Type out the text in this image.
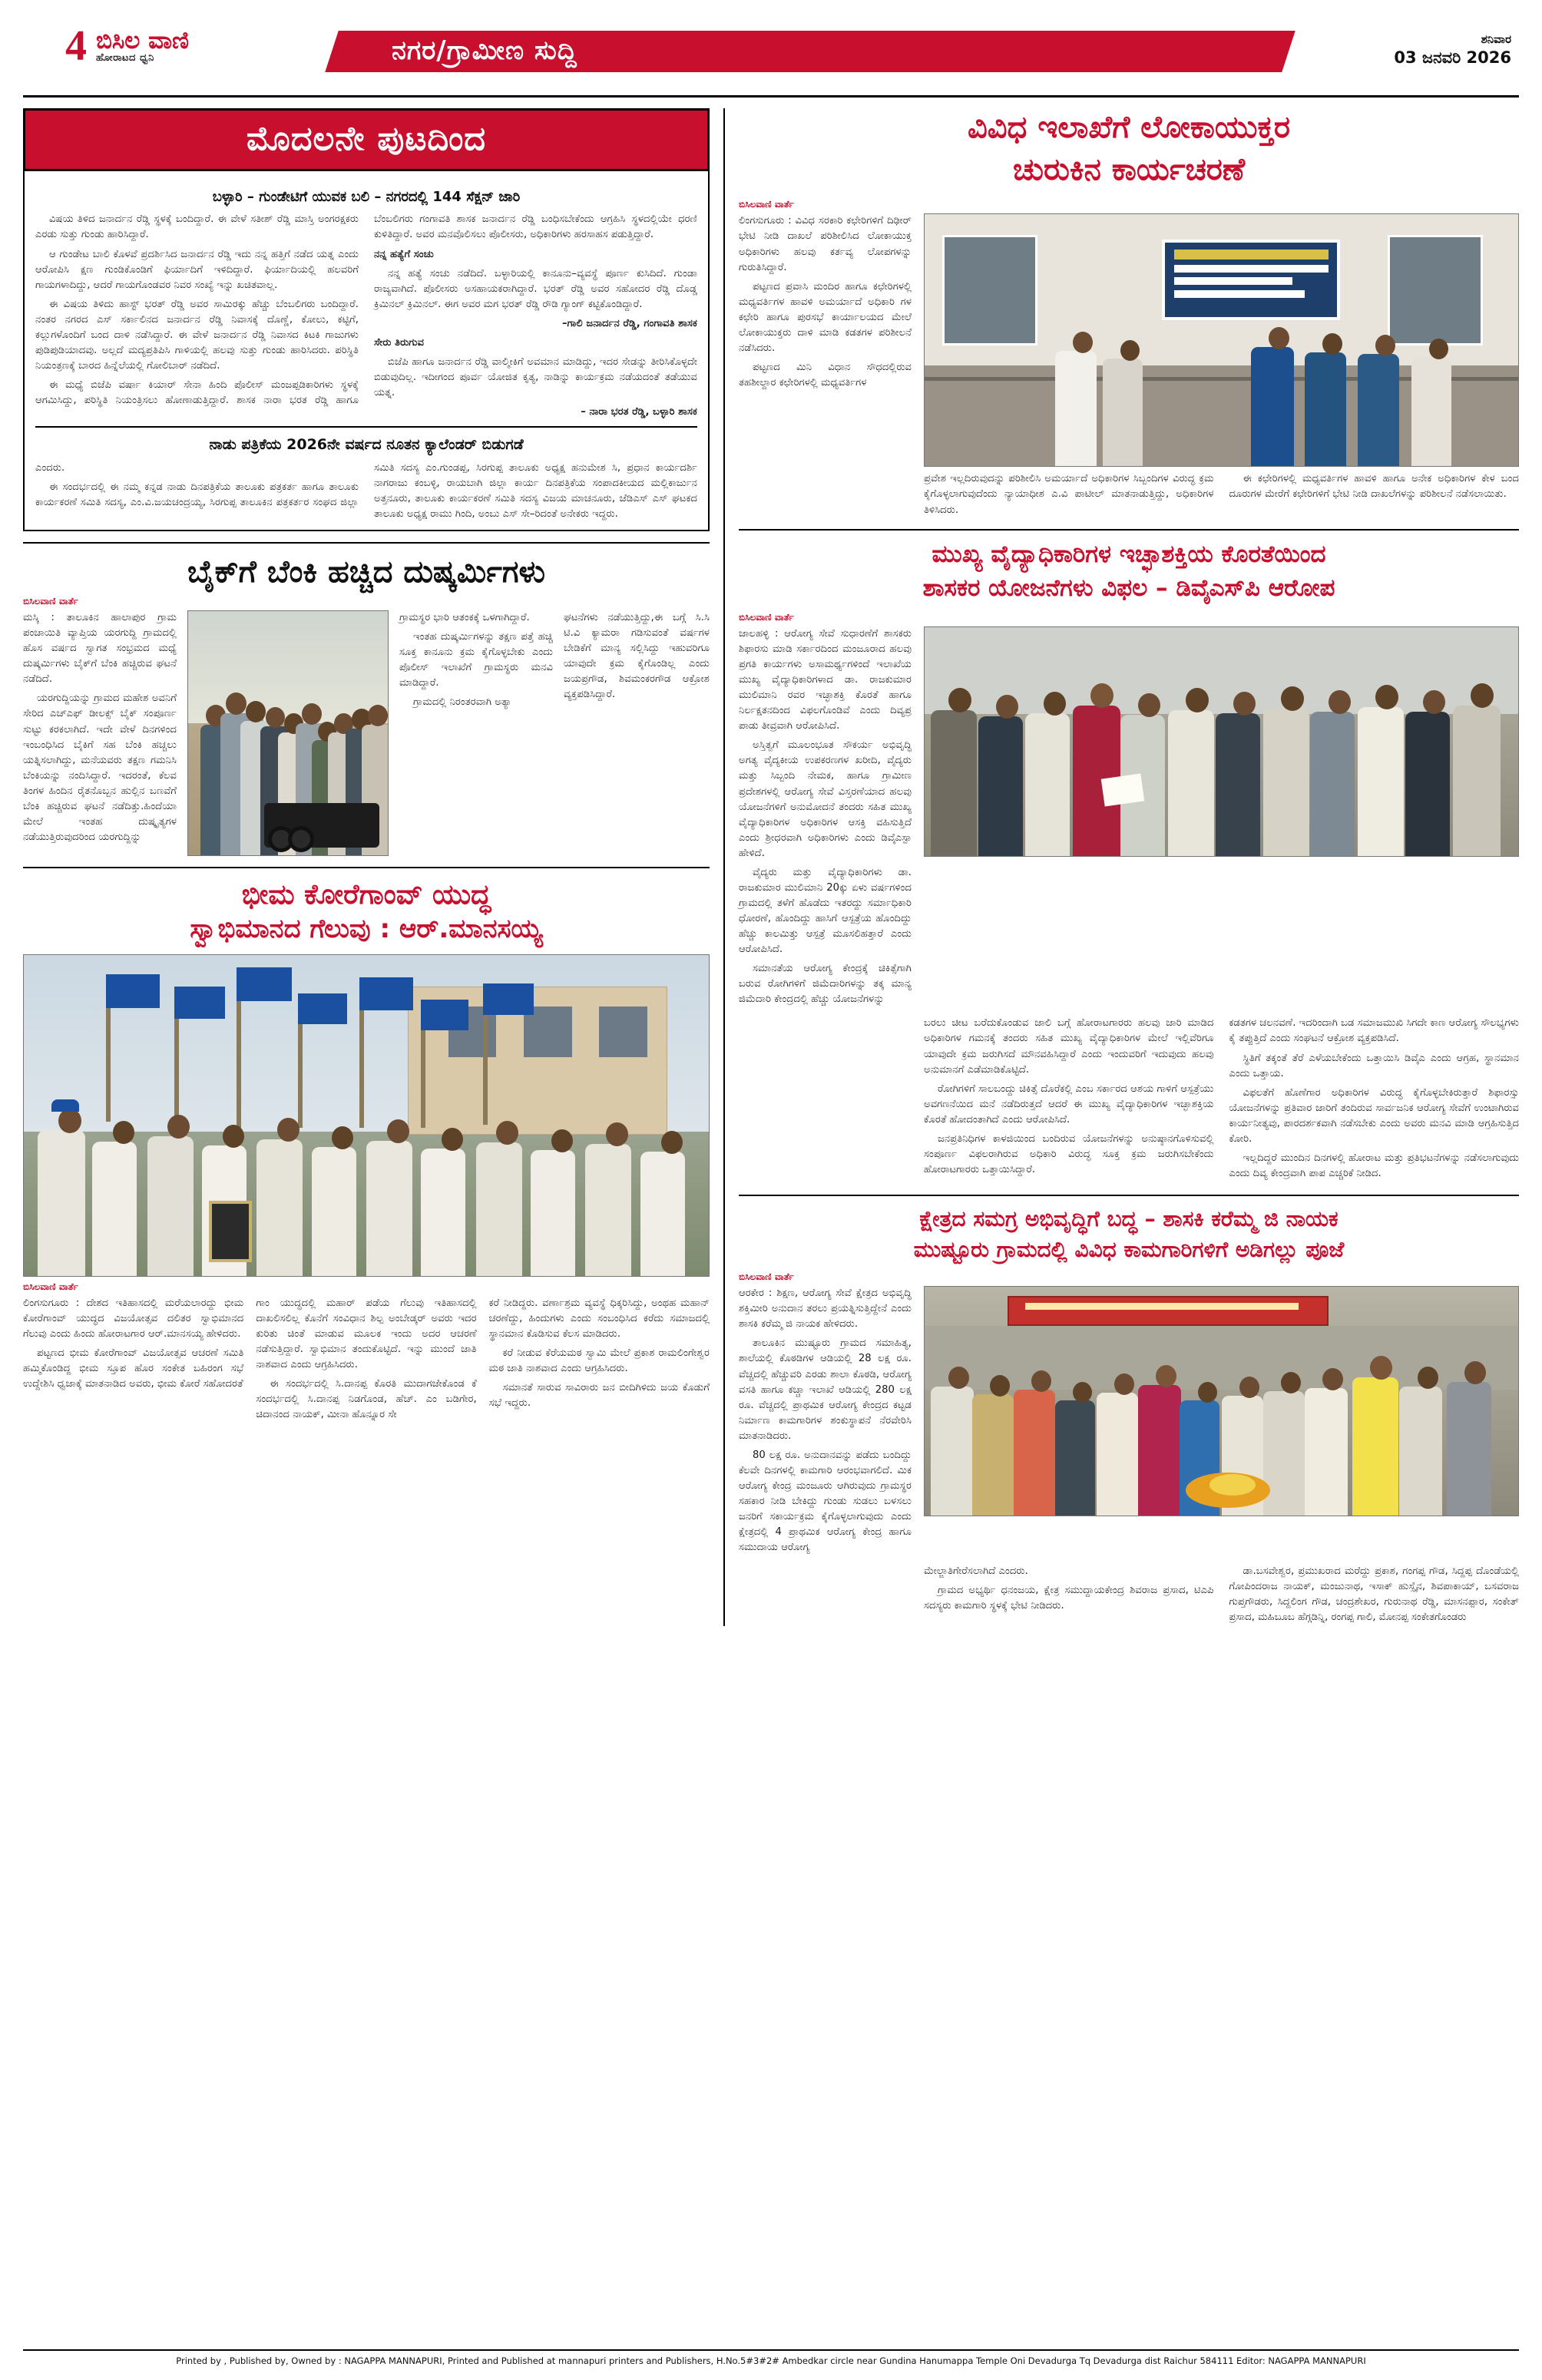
4 ಬಿಸಿಲ ವಾಣಿ
ಹೋರಾಟದ ಧ್ವನಿ	ನಗರ/ಗ್ರಾಮೀಣ ಸುದ್ದಿ	ಶನಿವಾರ
03 ಜನವರಿ 2026
ಮೊದಲನೇ ಪುಟದಿಂದ
ಬಳ್ಳಾರಿ – ಗುಂಡೇಟಿಗೆ ಯುವಕ ಬಲಿ – ನಗರದಲ್ಲಿ 144 ಸೆಕ್ಷನ್ ಜಾರಿ

ವಿಷಯ ತಿಳಿದ ಜನಾರ್ದನ ರೆಡ್ಡಿ ಸ್ಥಳಕ್ಕೆ ಬಂದಿದ್ದಾರೆ. ಈ ವೇಳೆ ಸತೀಶ್ ರೆಡ್ಡಿ ಮಾಸ್ತಿ ಅಂಗರಕ್ಷಕರು ಎರಡು ಸುತ್ತು ಗುಂಡು ಹಾರಿಸಿದ್ದಾರೆ.

ಆ ಗುಂಡೇಟ ಬಾಲಿ ಕೊಳವೆ ಪ್ರದರ್ಶಿಸಿದ ಜನಾರ್ದನ ರೆಡ್ಡಿ ಇದು ನನ್ನ ಹತ್ತಿಗೆ ನಡೆದ ಯತ್ನ ಎಂದು ಆರೋಪಿಸಿ ಕ್ಷಣ ಗುಂಡಿಕೊಂಡಿಗೆ ಫಿರ್ಯಾದಿಗೆ ಇಳಿದಿದ್ದಾರೆ. ಫಿರ್ಯಾದಿಯಲ್ಲಿ ಹಲವರಿಗೆ ಗಾಯಗಳಾದಿದ್ದು, ಆದರೆ ಗಾಯಗೊಂಡವರ ನಿವರ ಸಂಖ್ಯೆ ಇನ್ನು ಖಚಿತವಾಲ್ಲ.

ಈ ವಿಷಯ ತಿಳಿದು ಹಾಸ್ಟ್ ಭರತ್ ರೆಡ್ಡಿ ಅವರ ಸಾಮಿರಕ್ಕು ಹೆಚ್ಚು ಬೆಂಬಲಿಗರು ಬಂದಿದ್ದಾರೆ. ನಂತರ ನಗರದ ಎಸ್ ಸರ್ಕಾಲಿನದ ಜನಾರ್ದನ ರೆಡ್ಡಿ ನಿವಾಸಕ್ಕೆ ದೊಣ್ಣೆ, ಕೋಲು, ಕಟ್ಟಿಗೆ, ಕಲ್ಲುಗಳೊಂದಿಗೆ ಬಂದ ದಾಳಿ ನಡೆಸಿದ್ದಾರೆ. ಈ ವೇಳೆ ಜನಾರ್ದನ ರೆಡ್ಡಿ ನಿವಾಸದ ಕಿಟಕಿ ಗಾಜುಗಳು ಪುಡಿಪುಡಿಯಾದವು. ಅಲ್ಲದೆ ಮದ್ಯಪ್ರತಿಪಿಸಿ ಗಾಳಿಯಲ್ಲಿ ಹಲವು ಸುತ್ತು ಗುಂಡು ಹಾರಿಸಿದರು. ಪರಿಸ್ಥಿತಿ ನಿಯಂತ್ರಣಕ್ಕೆ ಬಾರದ ಹಿನ್ನೆಲೆಯಲ್ಲಿ ಗೋಲಿಬಾರ್ ನಡೆದಿದೆ.

ಈ ಮಧ್ಯೆ ಬಿಜೆಪಿ ವರ್ಷಾ ಕಿಯಾರ್ ಸೇನಾ ಹಿಂದಿ ಪೊಲೀಸ್ ಮಂಜಪ್ಪಡಿಕಾರಿಗಳು ಸ್ಥಳಕ್ಕೆ ಆಗಮಿಸಿದ್ದು, ಪರಿಸ್ಥಿತಿ ನಿಯಂತ್ರಿಸಲು ಹೋಣಾಡುತ್ತಿದ್ದಾರೆ. ಶಾಸಕ ನಾರಾ ಭರತ ರೆಡ್ಡಿ ಹಾಗೂ ಬೆಂಬಲಿಗರು ಗಂಗಾವತಿ ಶಾಸಕ ಜನಾರ್ದನ ರೆಡ್ಡಿ ಬಂಧಿಸಬೇಕೆಂದು ಆಗ್ರಹಿಸಿ ಸ್ಥಳದಲ್ಲಿಯೇ ಧರಣಿ ಕುಳಿತಿದ್ದಾರೆ. ಅವರ ಮನವೊಲಿಸಲು ಪೊಲೀಸರು, ಅಧಿಕಾರಿಗಳು ಹರಸಾಹಸ ಪಡುತ್ತಿದ್ದಾರೆ.

ನನ್ನ ಹತ್ಯೆಗೆ ಸಂಚು

ನನ್ನ ಹತ್ಯೆ ಸಂಚು ನಡೆದಿದೆ. ಬಳ್ಳಾರಿಯಲ್ಲಿ ಕಾನೂನು–ವ್ಯವಸ್ಥೆ ಪೂರ್ಣ ಕುಸಿದಿದೆ. ಗುಂಡಾ ರಾಜ್ಯವಾಗಿದೆ. ಪೊಲೀಸರು ಅಸಹಾಯಕರಾಗಿದ್ದಾರೆ. ಭರತ್ ರೆಡ್ಡಿ ಅವರ ಸಹೋದರ ರೆಡ್ಡಿ ದೊಡ್ಡ ಕ್ರಿಮಿನಲ್ ಕ್ರಿಮಿನಲ್. ಈಗ ಅವರ ಮಗ ಭರತ್ ರೆಡ್ಡಿ ರೌಡಿ ಗ್ಯಾಂಗ್ ಕಟ್ಟಿಕೊಂಡಿದ್ದಾರೆ.

–ಗಾಲಿ ಜನಾರ್ದನ ರೆಡ್ಡಿ, ಗಂಗಾವತಿ ಶಾಸಕ

ಸೇರು ತಿರುಗುವ

ಬಿಜೆಪಿ ಹಾಗೂ ಜನಾರ್ದನ ರೆಡ್ಡಿ ವಾಲ್ಮೀಕಿಗೆ ಅವಮಾನ ಮಾಡಿದ್ದು, ಇದರ ಸೇಡನ್ನು ತೀರಿಸಿಕೊಳ್ಳದೇ ಬಿಡುವುದಿಲ್ಲ. ಇದೀಗಂದ ಪೂರ್ವ ಯೋಜಿತ ಕೃತ್ಯ, ನಾಡಿನ್ನು ಕಾರ್ಯಕ್ರಮ ನಡೆಯದಂತೆ ತಡೆಯುವ ಯತ್ನ.

– ನಾರಾ ಭರತ ರೆಡ್ಡಿ, ಬಳ್ಳಾರಿ ಶಾಸಕ

ನಾಡು ಪತ್ರಿಕೆಯ 2026ನೇ ವರ್ಷದ ನೂತನ ಕ್ಯಾಲೆಂಡರ್ ಬಿಡುಗಡೆ

ಎಂದರು.

ಈ ಸಂದರ್ಭದಲ್ಲಿ ಈ ನಮ್ಮ ಕನ್ನಡ ನಾಡು ದಿನಪತ್ರಿಕೆಯ ತಾಲೂಕು ಪತ್ರಕರ್ತ ಹಾಗೂ ತಾಲೂಕು ಕಾರ್ಯಕರಣೆ ಸಮಿತಿ ಸದಸ್ಯ, ಎಂ.ವಿ.ಜಯಚಂದ್ರಯ್ಯ, ಸಿರಗುಪ್ಪ ತಾಲೂಕಿನ ಪತ್ರಕರ್ತರ ಸಂಘದ ಜಿಲ್ಲಾ ಸಮಿತಿ ಸದಸ್ಯ ಎಂ.ಗುಂಡಪ್ಪ, ಸಿರಗುಪ್ಪ ತಾಲೂಕು ಅಧ್ಯಕ್ಷ ಹನುಮೇಶ ಸಿ, ಪ್ರಧಾನ ಕಾರ್ಯದರ್ಶಿ ನಾಗರಾಜು ಕಂಬಳ್ಳಿ, ರಾಯಬಾಗಿ ಜಿಲ್ಲಾ ಕಾರ್ಯ ದಿನಪತ್ರಿಕೆಯ ಸಂಪಾದಕೀಯದ ಮಲ್ಲಿಕಾರ್ಜುನ ಅತ್ತನೂರು, ತಾಲೂಕು ಕಾರ್ಯಕರಣೆ ಸಮಿತಿ ಸದಸ್ಯ ವಿಜಯ ಮಾಚನೂರು, ಜೆಡಿಎಸ್ ಎಸ್ ಘಟಕದ ತಾಲೂಕು ಅಧ್ಯಕ್ಷ ರಾಮು ಗಿಂದಿ, ಅಂಬು ಎಸ್ ಸೇ–ರಿದಂತೆ ಅನೇಕರು ಇದ್ದರು.

ಬೈಕ್‌ಗೆ ಬೆಂಕಿ ಹಚ್ಚಿದ ದುಷ್ಕರ್ಮಿಗಳು
ಬಿಸಿಲವಾಣಿ ವಾರ್ತೆ

ಮಸ್ಕಿ : ತಾಲೂಕಿನ ಹಾಲಾಪುರ ಗ್ರಾಮ ಪಂಚಾಯಿತಿ ವ್ಯಾಪ್ತಿಯ ಯರಗುದ್ದಿ ಗ್ರಾಮದಲ್ಲಿ ಹೊಸ ವರ್ಷದ ಸ್ವಾಗತ ಸಂಭ್ರಮದ ಮಧ್ಯೆ ದುಷ್ಕರ್ಮಿಗಳು ಬೈಕ್‌ಗೆ ಬೆಂಕಿ ಹಚ್ಚಿರುವ ಘಟನೆ ನಡೆದಿದೆ.

ಯರಗುದ್ದಿಯನ್ನು ಗ್ರಾಮದ ಮಹೇಶ ಅವನಿಗೆ ಸೇರಿದ ಎಚ್ಎಫ್ ಡೀಲಕ್ಸ್ ಬೈಕ್ ಸಂಪೂರ್ಣ ಸುಟ್ಟು ಕರಕಲಾಗಿದೆ. ಇದೇ ವೇಳೆ ದಿನಗಳಿಂದ ಇಂಬಂಧಿಸಿದ ಬೈಕಿಗೆ ಸಹ ಬೆಂಕಿ ಹಚ್ಚಲು ಯತ್ನಿಸಲಾಗಿದ್ದು, ಮನೆಯವರು ತಕ್ಷಣ ಗಮನಿಸಿ ಬೆಂಕಿಯನ್ನು ನಂದಿಸಿದ್ದಾರೆ. ಇದರಂತೆ, ಕೆಲವ ತಿಂಗಳ ಹಿಂದಿನ ರೈತನೊಬ್ಬನ ಹುಲ್ಲಿನ ಬಣವೆಗೆ ಬೆಂಕಿ ಹಚ್ಚಿರುವ ಘಟನೆ ನಡೆದಿತ್ತು.ಹಿಂದೆಯಾ ಮೇಲೆ ಇಂತಹ ದುಷ್ಕೃತ್ಯಗಳ ನಡೆಯುತ್ತಿರುವುದರಿಂದ ಯರಗುದ್ದಿನ್ನು

ಗ್ರಾಮಸ್ಥರ ಭಾರಿ ಆತಂಕಕ್ಕೆ ಒಳಗಾಗಿದ್ದಾರೆ.

ಇಂತಹ ದುಷ್ಕರ್ಮಿಗಳನ್ನು ತಕ್ಷಣ ಪತ್ತೆ ಹಚ್ಚಿ ಸೂಕ್ತ ಕಾನೂನು ಕ್ರಮ ಕೈಗೊಳ್ಳಬೇಕು ಎಂದು ಪೊಲೀಸ್ ಇಲಾಖೆಗೆ ಗ್ರಾಮಸ್ಥರು ಮನವಿ ಮಾಡಿದ್ದಾರೆ.

ಗ್ರಾಮದಲ್ಲಿ ನಿರಂತರವಾಗಿ ಅತ್ಯಾ

ಘಟನೆಗಳು ನಡೆಯುತ್ತಿದ್ದು,ಈ ಬಗ್ಗೆ ಸಿ.ಸಿ ಟಿ.ವಿ ಕ್ಯಾಮರಾ ಗಡಿಸುವಂತೆ ವರ್ಷಗಳ ಬೇಡಿಕೆಗೆ ಮಾನ್ಯ ಸಲ್ಲಿಸಿದ್ದು ಇಹುವರಿಗೂ ಯಾವುದೇ ಕ್ರಮ ಕೈಗೊಂಡಿಲ್ಲ ಎಂದು ಜಯಪ್ರಗೌಡ, ಶಿವಮಂಕರಗೌಡ ಆಕ್ರೋಶ ವ್ಯಕ್ತಪಡಿಸಿದ್ದಾರೆ.

ಭೀಮ ಕೋರೆಗಾಂವ್ ಯುದ್ಧ
ಸ್ವಾಭಿಮಾನದ ಗೆಲುವು : ಆರ್.ಮಾನಸಯ್ಯ
ಬಿಸಿಲವಾಣಿ ವಾರ್ತೆ

ಲಿಂಗಸುಗೂರು : ದೇಶದ ಇತಿಹಾಸದಲ್ಲಿ ಮರೆಯಲಾರದ್ದು ಭೀಮ ಕೋರೆಗಾಂವ್ ಯುದ್ಧದ ವಿಜಯೋತ್ಸವ ದಲಿತರ ಸ್ವಾಭಿಮಾನದ ಗೆಲುವು ಎಂದು ಹಿಂದು ಹೋರಾಟಗಾರ ಆರ್.ಮಾನಸಯ್ಯ ಹೇಳಿದರು.

ಪಟ್ಟಣದ ಭೀಮ ಕೋರೆಗಾಂವ್ ವಿಜಯೋತ್ಸವ ಆಚರಣೆ ಸಮಿತಿ ಹಮ್ಮಿಕೊಂಡಿದ್ದ ಭೀಮ ಸ್ತೂಪ ಹೊರ ಸಂಕೇತ ಬಹಿರಂಗ ಸಭೆ ಉದ್ದೇಶಿಸಿ ಧ್ವಜಾಕ್ಕೆ ಮಾತನಾಡಿದ ಅವರು, ಭೀಮ ಕೋರೆ ಸಹೋದರತೆ

ಗಾಂ ಯುದ್ಧದಲ್ಲಿ ಮಹಾರ್ ಪಡೆಯ ಗೆಲುವು ಇತಿಹಾಸದಲ್ಲಿ ದಾಖಲಿಸಲಿಲ್ಲ ಕೊನೆಗೆ ಸಂವಿಧಾನ ಶಿಲ್ಪ ಅಂಬೇಡ್ಕರ್ ಅವರು ಇದರ ಕುರಿತು ಚಿಂತೆ ಮಾಡುವ ಮೂಲಕ ಇಂದು ಅದರ ಆಚರಣೆ ನಡೆಸುತ್ತಿದ್ದಾರೆ. ಸ್ವಾಭಿಮಾನ ತಂದುಕೊಟ್ಟಿದೆ. ಇನ್ನು ಮುಂದೆ ಜಾತಿ ನಾಶವಾದ ಎಂದು ಆಗ್ರಹಿಸಿದರು.

ಈ ಸಂದರ್ಭದಲ್ಲಿ ಸಿ.ದಾನಪ್ಪ ಕೊರತಿ ಮುದಾಗಜೇಕೊಂಡ ಕೆ ಸಂದರ್ಭದಲ್ಲಿ ಸಿ.ದಾನಪ್ಪ ನಿಡಗೊಂಡ, ಹೆಚ್. ಎಂ ಬಡಿಗೇರ, ಚಿದಾನಂದ ನಾಯಕ್, ಮೀನಾ ಹೊನ್ನೂರ ಸೇ

ಕರೆ ನೀಡಿದ್ದರು. ವರ್ಣಾಶ್ರಮ ವ್ಯವಸ್ಥೆ ಧಿಕ್ಕರಿಸಿದ್ದು, ಅಂಥಹ ಮಹಾನ್ ಚರಣೆದ್ದು, ಹಿಂದುಗಳು ಎಂದು ಸಂಬಂಧಿಸಿದ ಕರೆದು ಸಮಾಜದಲ್ಲಿ ಸ್ಥಾನಮಾನ ಕೊಡಿಸುವ ಕೆಲಸ ಮಾಡಿದರು.

ಕರೆ ನೀಡುವ ಕೆರೆಯಮಠ ಸ್ವಾಮಿ ಮೇಲೆ ಪ್ರಕಾಶ ರಾಮಲಿಂಗೇಶ್ವರ ಮಠ ಜಾತಿ ನಾಶವಾದ ಎಂದು ಆಗ್ರಹಿಸಿದರು.

ಸಮಾನತೆ ಸಾರುವ ಸಾವಿರಾರು ಜನ ಬೀದಿಗಿಳಿದು ಜಯ ಕೊಡುಗೆ ಸಭೆ ಇದ್ದರು.

ವಿವಿಧ ಇಲಾಖೆಗೆ ಲೋಕಾಯುಕ್ತರ
ಚುರುಕಿನ ಕಾರ್ಯಚರಣೆ
ಬಿಸಿಲವಾಣಿ ವಾರ್ತೆ

ಲಿಂಗಸುಗೂರು : ವಿವಿಧ ಸರಕಾರಿ ಕಛೇರಿಗಳಿಗೆ ದಿಢೀರ್ ಭೇಟಿ ನೀಡಿ ದಾಖಲೆ ಪರಿಶೀಲಿಸಿದ ಲೋಕಾಯುಕ್ತ ಅಧಿಕಾರಿಗಳು ಹಲವು ಕರ್ತವ್ಯ ಲೋಪಗಳನ್ನು ಗುರುತಿಸಿದ್ದಾರೆ.

ಪಟ್ಟಣದ ಪ್ರವಾಸಿ ಮಂದಿರ ಹಾಗೂ ಕಛೇರಿಗಳಲ್ಲಿ ಮಧ್ಯವರ್ತಿಗಳ ಹಾವಳಿ ಅಮರ್ಯಾದೆ ಅಧಿಕಾರಿ ಗಳ ಕಛೇರಿ ಹಾಗೂ ಪುರಸಭೆ ಕಾರ್ಯಾಲಯದ ಮೇಲೆ ಲೋಕಾಯುಕ್ತರು ದಾಳಿ ಮಾಡಿ ಕಡತಗಳ ಪರಿಶೀಲನೆ ನಡೆಸಿದರು.

ಪಟ್ಟಣದ ಮಿನಿ ವಿಧಾನ ಸೌಧದಲ್ಲಿರುವ ತಹಶೀಲ್ದಾರ ಕಛೇರಿಗಳಲ್ಲಿ ಮಧ್ಯವರ್ತಿಗಳ

ಪ್ರವೇಶ ಇಲ್ಲದಿರುವುದನ್ನು ಪರಿಶೀಲಿಸಿ ಅಮರ್ಯಾದೆ ಅಧಿಕಾರಿಗಳ ಸಿಬ್ಬಂದಿಗಳ ವಿರುದ್ಧ ಕ್ರಮ ಕೈಗೊಳ್ಳಲಾಗುವುದೆಂದು ನ್ಯಾಯಾಧೀಶ ಎ.ವಿ ಪಾಟೀಲ್ ಮಾತನಾಡುತ್ತಿದ್ದು, ಅಧಿಕಾರಿಗಳ ತಿಳಿಸಿದರು.

ಈ ಕಛೇರಿಗಳಲ್ಲಿ ಮಧ್ಯವರ್ತಿಗಳ ಹಾವಳಿ ಹಾಗೂ ಅನೇಕ ಅಧಿಕಾರಿಗಳ ಕೇಳ ಬಂದ ದೂರುಗಳ ಮೇರೆಗೆ ಕಛೇರಿಗಳಿಗೆ ಭೇಟಿ ನೀಡಿ ದಾಖಲೆಗಳನ್ನು ಪರಿಶೀಲನೆ ನಡೆಸಲಾಯಿತು.

ಮುಖ್ಯ ವೈದ್ಯಾಧಿಕಾರಿಗಳ ಇಚ್ಛಾಶಕ್ತಿಯ ಕೊರತೆಯಿಂದ
ಶಾಸಕರ ಯೋಜನೆಗಳು ವಿಫಲ – ಡಿವೈಎಸ್‌ಪಿ ಆರೋಪ
ಬಿಸಿಲವಾಣಿ ವಾರ್ತೆ

ಜಾಲಹಳ್ಳಿ : ಆರೋಗ್ಯ ಸೇವೆ ಸುಧಾರಣೆಗೆ ಶಾಸಕರು ಶಿಫಾರಸು ಮಾಡಿ ಸರ್ಕಾರದಿಂದ ಮಂಜೂರಾದ ಹಲವು ಪ್ರಗತಿ ಕಾರ್ಯಗಳು ಅಸಾಮರ್ಥ್ಯಗಳಿಂದೆ ಇಲಾಖೆಯ ಮುಖ್ಯ ವೈದ್ಯಾಧಿಕಾರಿಗಳಾದ ಡಾ. ರಾಜಕುಮಾರ ಮುಲಿಮಾನಿ ರವರ ಇಚ್ಛಾಶಕ್ತಿ ಕೊರತೆ ಹಾಗೂ ನಿರ್ಲಕ್ಷತನದಿಂದ ವಿಫಲಗೊಂಡಿವೆ ಎಂದು ದಿವ್ಯಪ್ರ ಪಾಡು ತೀವ್ರವಾಗಿ ಆರೋಪಿಸಿದೆ.

ಅಸ್ತಿತ್ವಗೆ ಮೂಲಂಭೂತ ಸೌಕರ್ಯ ಅಭಿವೃದ್ಧಿ ಅಗತ್ಯ ವೈದ್ಯಕೀಯ ಉಪಕರಣಗಳ ಖರೀದಿ, ವೈದ್ಯರು ಮತ್ತು ಸಿಬ್ಬಂದಿ ನೇಮಕ, ಹಾಗೂ ಗ್ರಾಮೀಣ ಪ್ರದೇಶಗಳಲ್ಲಿ ಆರೋಗ್ಯ ಸೇವೆ ವಿಸ್ತರಣೆಯಾದ ಹಲವು ಯೋಜನೆಗಳಿಗೆ ಅನುಮೋದನೆ ತಂದರು ಸಹಿತ ಮುಖ್ಯ ವೈದ್ಯಾಧಿಕಾರಿಗಳ ಅಧಿಕಾರಿಗಳ ಆಸಕ್ತಿ ವಹಿಸುತ್ತಿದೆ ಎಂದು ಶ್ರೀಧರವಾಗಿ ಅಧಿಕಾರಿಗಳು ಎಂದು ಡಿವೈಎಸ್ಪಾ ಹೇಳಿದೆ.

ವೈದ್ಯರು ಮತ್ತು ವೈದ್ಯಾಧಿಕಾರಿಗಳು ಡಾ. ರಾಜಕುಮಾರ ಮುಲಿಮಾನಿ 20ಕ್ಕು ಏಳು ವರ್ಷಗಳಿಂದ ಗ್ರಾಮದಲ್ಲಿ ತಳೆಗೆ ಹೊಡೆದು ಇತರದ್ದು ಸರ್ಮಾಧಿಕಾರಿ ಧೋರಣೆ, ಹೊಂದಿದ್ದು ಹಾಸಿಗೆ ಆಸ್ಪತ್ರೆಯ ಹೊಂದಿದ್ದು ಹೆಚ್ಚು ಕಾಲಮಿತ್ತು ಆಸ್ಪತ್ರೆ ಮೂಸಲಿಹತ್ತಾರೆ ಎಂದು ಆರೋಪಿಸಿದೆ.

ಸಮಾನತೆಯ ಆರೋಗ್ಯ ಕೇಂದ್ರಕ್ಕೆ ಚಿಕಿತ್ಸೆಗಾಗಿ ಬರುವ ರೋಗಿಗಳಿಗೆ ಜಿಮೆದಾರಿಗಳನ್ನು ತಕ್ಕ ಮಾನ್ಯ ಜಿಮೆದಾರಿ ಕೇಂದ್ರದಲ್ಲಿ ಹೆಚ್ಚು ಯೋಜನೆಗಳನ್ನು

ಬರಲು ಚೀಟ ಬರೆದುಕೊಂಡುವ ಜಾಲಿ ಬಗ್ಗೆ ಹೋರಾಟಗಾರರು ಹಲವು ಜಾರಿ ಮಾಡಿದ ಅಧಿಕಾರಿಗಳ ಗಮನಕ್ಕೆ ತಂದರು ಸಹಿತ ಮುಖ್ಯ ವೈದ್ಯಾಧಿಕಾರಿಗಳ ಮೇಲೆ ಇಲ್ಲಿವೆರಿಗೂ ಯಾವುದೇ ಕ್ರಮ ಜರುಗಿಸದೆ ಮೌನವಹಿಸಿದ್ದಾರೆ ಎಂದು ಇಂದುವರಿಗೆ ಇದುವುದು ಹಲವು ಅನುಮಾನಗೆ ಎಡೆಮಾಡಿಕೊಟ್ಟಿದೆ.

ರೋಗಿಗಳಿಗೆ ಸಾಲಬಂದ್ದು ಚಿಕಿತ್ಸೆ ದೊರೆಕಲ್ಲಿ ಎಂಬ ಸರ್ಕಾರದ ಆಶಯ ಗಾಳಿಗೆ ಆಸ್ಪತ್ರೆಯು ಅವಗಣನೆಯಿದ ಮನೆ ನಡೆದಿರುತ್ತದೆ ಆದರೆ ಈ ಮುಖ್ಯ ವೈದ್ಯಾಧಿಕಾರಿಗಳ ಇಚ್ಛಾಶಕ್ತಿಯ ಕೊರತೆ ಹೋದಂತಾಗಿದೆ ಎಂದು ಆರೋಪಿಸಿದೆ.

ಜನಪ್ರತಿನಿಧಿಗಳ ಕಾಳಜಿಯಿಂದ ಬಂದಿರುವ ಯೋಜನೆಗಳನ್ನು ಅನುಷ್ಠಾನಗೊಳಿಸುವಲ್ಲಿ ಸಂಪೂರ್ಣ ವಿಫಲರಾಗಿರುವ ಅಧಿಕಾರಿ ವಿರುದ್ಧ ಸೂಕ್ತ ಕ್ರಮ ಜರುಗಿಸಬೇಕೆಂದು ಹೋರಾಟಗಾರರು ಒತ್ತಾಯಿಸಿದ್ದಾರೆ.

ಕಡತಗಳ ಚಲನವಣೆ. ಇದರಿಂದಾಗಿ ಬಡ ಸಮಾಜಮುಖಿ ಸಿಗದೇ ಕಾಣ ಆರೋಗ್ಯ ಸೌಲಭ್ಯಗಳು ಕೈ ತಪ್ಪುತ್ತಿದೆ ಎಂದು ಸಂಘಟನೆ ಆಕ್ರೋಶ ವ್ಯಕ್ತಪಡಿಸಿದೆ.

ಸ್ಥಿತಿಗೆ ತಕ್ಕಂತೆ ತೆರೆ ಎಳೆಯಬೇಕೆಂದು ಒತ್ತಾಯಿಸಿ ಡಿವೈಎ ಎಂದು ಆಗ್ರಹ, ಸ್ಥಾನಮಾನ ಎಂದು ಒತ್ತಾಯ.

ವಿಫಲತೆಗೆ ಹೊಣೆಗಾರ ಅಧಿಕಾರಿಗಳ ವಿರುದ್ಧ ಕೈಗೊಳ್ಳಬೇಕಿರುತ್ತಾರೆ ಶಿಫಾರಸ್ಸು ಯೋಜನೆಗಳನ್ನು ಪ್ರತಿವಾರ ಜಾರಿಗೆ ತಂದಿರುವ ಸಾರ್ವಜನಿಕ ಆರೋಗ್ಯ ಸೇವೆಗೆ ಉಂಟಾಗಿರುವ ಕಾರ್ಯನೀತ್ಯವು, ಪಾರದರ್ಶಕವಾಗಿ ನಡೆಸಬೇಕು ಎಂದು ಅವರು ಮನವಿ ಮಾಡಿ ಆಗ್ರಹಿಸುತ್ತಿದ ಕೋರಿ.

ಇಲ್ಲದಿದ್ದರೆ ಮುಂದಿನ ದಿನಗಳಲ್ಲಿ ಹೋರಾಟ ಮತ್ತು ಪ್ರತಿಭಟನೆಗಳನ್ನು ನಡೆಸಲಾಗುವುದು ಎಂದು ದಿವ್ಯ ಕೇಂದ್ರವಾಗಿ ಪಾಪ ಎಚ್ಚರಿಕೆ ನೀಡಿದ.

ಕ್ಷೇತ್ರದ ಸಮಗ್ರ ಅಭಿವೃದ್ಧಿಗೆ ಬದ್ಧ – ಶಾಸಕಿ ಕರೆಮ್ಮ ಜಿ ನಾಯಕ
ಮುಷ್ಟೂರು ಗ್ರಾಮದಲ್ಲಿ ವಿವಿಧ ಕಾಮಗಾರಿಗಳಿಗೆ ಅಡಿಗಲ್ಲು ಪೂಜೆ
ಬಿಸಿಲವಾಣಿ ವಾರ್ತೆ

ಆರಕೇರ : ಶಿಕ್ಷಣ, ಆರೋಗ್ಯ ಸೇವೆ ಕ್ಷೇತ್ರದ ಅಭಿವೃದ್ಧಿ ಶಕ್ತಿಮೀರಿ ಅನುದಾನ ತರಲು ಪ್ರಯತ್ನಿಸುತ್ತಿದ್ದೇನೆ ಎಂದು ಶಾಸಕಿ ಕರೆಮ್ಮ ಜಿ ನಾಯಕ ಹೇಳಿದರು.

ತಾಲೂಕಿನ ಮುಷ್ಟೂರು ಗ್ರಾಮದ ಸಮಾಹಿತ್ಯ, ಶಾಲೆಯಲ್ಲಿ ಕೊಠಡಿಗಳ ಆಡಿಯಲ್ಲಿ 28 ಲಕ್ಷ ರೂ. ವೆಚ್ಚದಲ್ಲಿ ಹೆಚ್ಚುವರಿ ಎರಡು ಶಾಲಾ ಕೊಠಡಿ, ಆರೋಗ್ಯ ವಸತಿ ಹಾಗೂ ಕಚ್ಚಾ ಇಲಾಖೆ ಆಡಿಯಲ್ಲಿ 280 ಲಕ್ಷ ರೂ. ವೆಚ್ಚದಲ್ಲಿ ಪ್ರಾಥಮಿಕ ಆರೋಗ್ಯ ಕೇಂದ್ರದ ಕಟ್ಟಡ ನಿರ್ಮಾಣ ಕಾಮಗಾರಿಗಳ ಶಂಕುಸ್ಥಾಪನೆ ನೆರವೇರಿಸಿ ಮಾತನಾಡಿದರು.

80 ಲಕ್ಷ ರೂ. ಅನುದಾನವನ್ನು ಪಡೆದು ಬಂದಿದ್ದು ಕೆಲವೇ ದಿನಗಳಲ್ಲಿ ಕಾಮಗಾರಿ ಆರಂಭವಾಗಲಿದೆ. ಮಿಕ ಆರೋಗ್ಯ ಕೇಂದ್ರ ಮಂಜೂರು ಆಗಿರುವುದು ಗ್ರಾಮಸ್ಥರ ಸಹಕಾರ ನೀಡಿ ಬೇಕಿದ್ದು ಗುಂಡು ಸುಡಲು ಬಳಸಲು ಜನರಿಗೆ ಸಕಾರ್ಯಕ್ರಮ ಕೈಗೊಳ್ಳಲಾಗುವುದು ಎಂದು ಕ್ಷೇತ್ರದಲ್ಲಿ 4 ಪ್ರಾಥಮಿಕ ಆರೋಗ್ಯ ಕೇಂದ್ರ ಹಾಗೂ ಸಮುದಾಯ ಆರೋಗ್ಯ

ಮೇಲ್ಜಾತಿಗೇರೆಸಲಾಗಿದೆ ಎಂದರು.

ಗ್ರಾಮದ ಅಭ್ಯರ್ಥಿ ಧನಂಜಯ, ಕ್ಷೇತ್ರ ಸಮುದ್ದಾಯಕೇಂದ್ರ ಶಿವರಾಜ ಪ್ರಸಾದ, ಟಿಎಪಿ ಸದಸ್ಯರು ಕಾಮಗಾರಿ ಸ್ಥಳಕ್ಕೆ ಭೇಟಿ ನೀಡಿದರು.

ಡಾ.ಬಸವೇಶ್ವರ, ಪ್ರಮುಖರಾದ ಮರೆದ್ದು ಪ್ರಕಾಶ, ಗಂಗಪ್ಪ ಗೌಡ, ಸಿದ್ದಪ್ಪ ದೊಂಡೆಯಲ್ಲಿ ಗೋಪಿಂದರಾಜ ನಾಯಕ್, ಮಂಜುನಾಥ, ಇಸಾಕ್ ಹುಸ್ಸೈನ, ಶಿವಪಾಕಾಯ್, ಬಸವರಾಜ ಗುಪ್ತಗೌಡರು, ಸಿದ್ದಲಿಂಗ ಗೌಡ, ಚಂದ್ರಶೇಖರ, ಗುರುನಾಥ ರೆಡ್ಡಿ, ಮಾಸನಪ್ಪಾರ, ಸಂಕೇತ್ ಪ್ರಸಾದ, ಮಹಿಬೂಬ ಹೆಗ್ಗಡಿನ್ನಿ, ರಂಗಪ್ಪ ಗಾಲಿ, ಮೋನಪ್ಪ ಸಂಕೇತಗೊಂಡರು

Printed by , Published by, Owned by : NAGAPPA MANNAPURI, Printed and Published at mannapuri printers and Publishers, H.No.5#3#2# Ambedkar circle near Gundina Hanumappa Temple Oni Devadurga Tq Devadurga dist Raichur 584111 Editor: NAGAPPA MANNAPURI
